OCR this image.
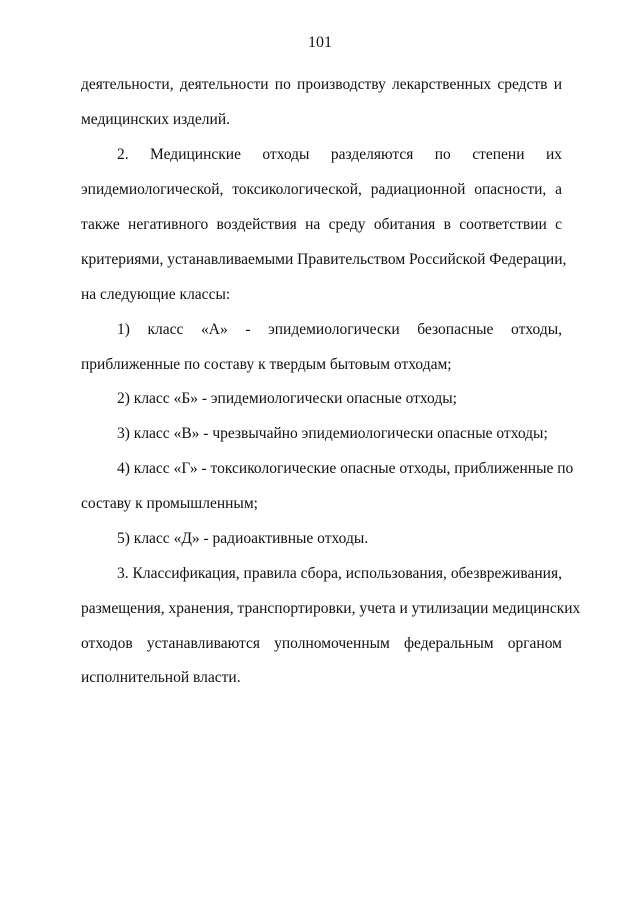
101
деятельности, деятельности по производству лекарственных средств и
медицинских изделий.
2. Медицинские отходы разделяются по степени их
эпидемиологической, токсикологической, радиационной опасности, а
также негативного воздействия на среду обитания в соответствии с
критериями, устанавливаемыми Правительством Российской Федерации,
на следующие классы:
1) класс «А» - эпидемиологически безопасные отходы,
приближенные по составу к твердым бытовым отходам;
2) класс «Б» - эпидемиологически опасные отходы;
3) класс «В» - чрезвычайно эпидемиологически опасные отходы;
4) класс «Г» - токсикологические опасные отходы, приближенные по
составу к промышленным;
5) класс «Д» - радиоактивные отходы.
3. Классификация, правила сбора, использования, обезвреживания,
размещения, хранения, транспортировки, учета и утилизации медицинских
отходов устанавливаются уполномоченным федеральным органом
исполнительной власти.
